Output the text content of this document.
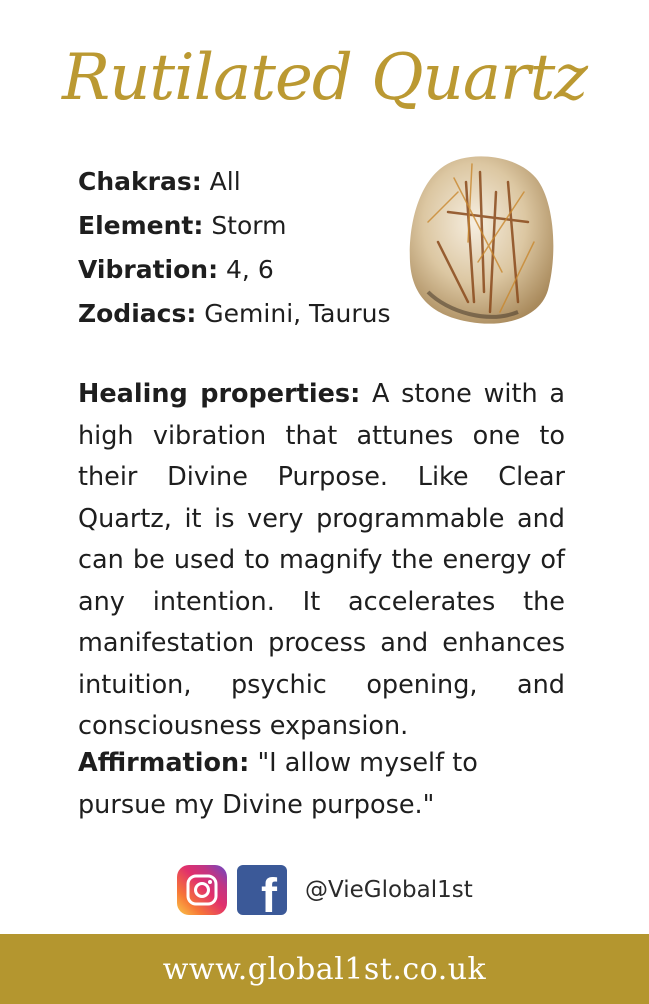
Rutilated Quartz
Chakras: All
Element: Storm
Vibration: 4, 6
Zodiacs: Gemini, Taurus

Healing properties: A stone with a high vibration that attunes one to their Divine Purpose. Like Clear Quartz, it is very programmable and can be used to magnify the energy of any intention. It accelerates the manifestation process and enhances intuition, psychic opening, and consciousness expansion.

Affirmation: "I allow myself to pursue my Divine purpose."

f @VieGlobal1st
www.global1st.co.uk
